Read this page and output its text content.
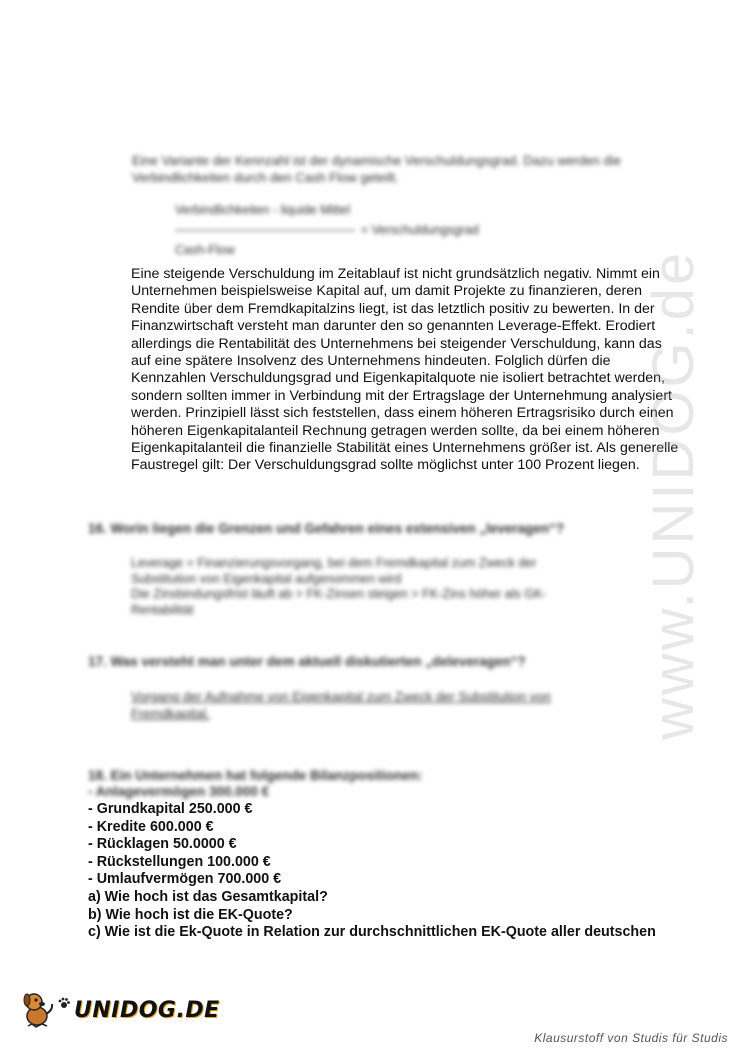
Eine Variante der Kennzahl ist der dynamische Verschuldungsgrad. Dazu werden die Verbindlichkeiten durch den Cash Flow geteilt.
Verbindlichkeiten - liquide Mittel
= Verschuldungsgrad
Cash-Flow
Eine steigende Verschuldung im Zeitablauf ist nicht grundsätzlich negativ. Nimmt ein Unternehmen beispielsweise Kapital auf, um damit Projekte zu finanzieren, deren Rendite über dem Fremdkapitalzins liegt, ist das letztlich positiv zu bewerten. In der Finanzwirtschaft versteht man darunter den so genannten Leverage-Effekt. Erodiert allerdings die Rentabilität des Unternehmens bei steigender Verschuldung, kann das auf eine spätere Insolvenz des Unternehmens hindeuten. Folglich dürfen die Kennzahlen Verschuldungsgrad und Eigenkapitalquote nie isoliert betrachtet werden, sondern sollten immer in Verbindung mit der Ertragslage der Unternehmung analysiert werden. Prinzipiell lässt sich feststellen, dass einem höheren Ertragsrisiko durch einen höheren Eigenkapitalanteil Rechnung getragen werden sollte, da bei einem höheren Eigenkapitalanteil die finanzielle Stabilität eines Unternehmens größer ist. Als generelle Faustregel gilt: Der Verschuldungsgrad sollte möglichst unter 100 Prozent liegen.
16. Worin liegen die Grenzen und Gefahren eines extensiven „leveragen“?
Leverage = Finanzierungsvorgang, bei dem Fremdkapital zum Zweck der
Substitution von Eigenkapital aufgenommen wird
Die Zinsbindungsfrist läuft ab > FK-Zinsen steigen > FK-Zins höher als GK-
Rentabilität
17. Was versteht man unter dem aktuell diskutierten „deleveragen“?
Vorgang der Aufnahme von Eigenkapital zum Zweck der Substitution von
Fremdkapital.
18. Ein Unternehmen hat folgende Bilanzpositionen:
- Anlagevermögen 300.000 €
- Grundkapital 250.000 €
- Kredite 600.000 €
- Rücklagen 50.0000 €
- Rückstellungen 100.000 €
- Umlaufvermögen 700.000 €
a) Wie hoch ist das Gesamtkapital?
b) Wie hoch ist die EK-Quote?
c) Wie ist die Ek-Quote in Relation zur durchschnittlichen EK-Quote aller deutschen
www.UNIDOG.de
UNIDOG.DE
Klausurstoff von Studis für Studis
